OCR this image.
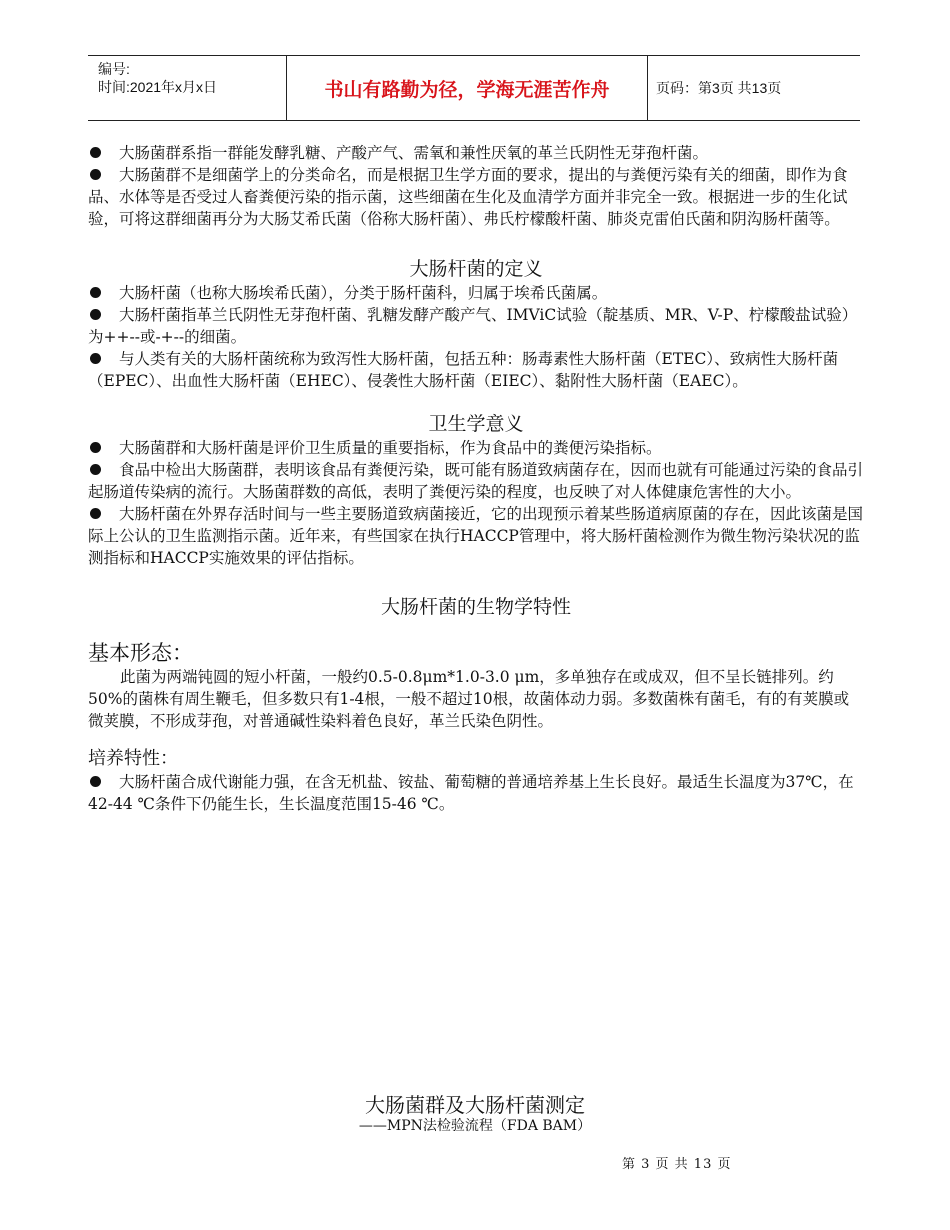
编号:
时间:2021年x月x日	书山有路勤为径，学海无涯苦作舟	页码：第3页 共13页

大肠菌群系指一群能发酵乳糖、产酸产气、需氧和兼性厌氧的革兰氏阴性无芽孢杆菌。

大肠菌群不是细菌学上的分类命名，而是根据卫生学方面的要求，提出的与粪便污染有关的细菌，即作为食品、水体等是否受过人畜粪便污染的指示菌，这些细菌在生化及血清学方面并非完全一致。根据进一步的生化试验，可将这群细菌再分为大肠艾希氏菌（俗称大肠杆菌）、弗氏柠檬酸杆菌、肺炎克雷伯氏菌和阴沟肠杆菌等。

大肠杆菌的定义

大肠杆菌（也称大肠埃希氏菌），分类于肠杆菌科，归属于埃希氏菌属。

大肠杆菌指革兰氏阴性无芽孢杆菌、乳糖发酵产酸产气、IMViC试验（靛基质、MR、V-P、柠檬酸盐试验）为++--或-+--的细菌。

与人类有关的大肠杆菌统称为致泻性大肠杆菌，包括五种：肠毒素性大肠杆菌（ETEC）、致病性大肠杆菌（EPEC）、出血性大肠杆菌（EHEC）、侵袭性大肠杆菌（EIEC）、黏附性大肠杆菌（EAEC）。

卫生学意义

大肠菌群和大肠杆菌是评价卫生质量的重要指标，作为食品中的粪便污染指标。

食品中检出大肠菌群，表明该食品有粪便污染，既可能有肠道致病菌存在，因而也就有可能通过污染的食品引起肠道传染病的流行。大肠菌群数的高低，表明了粪便污染的程度，也反映了对人体健康危害性的大小。

大肠杆菌在外界存活时间与一些主要肠道致病菌接近，它的出现预示着某些肠道病原菌的存在，因此该菌是国际上公认的卫生监测指示菌。近年来，有些国家在执行HACCP管理中，将大肠杆菌检测作为微生物污染状况的监测指标和HACCP实施效果的评估指标。

大肠杆菌的生物学特性

基本形态：

此菌为两端钝圆的短小杆菌，一般约0.5-0.8μm*1.0-3.0 μm，多单独存在或成双，但不呈长链排列。约50%的菌株有周生鞭毛，但多数只有1-4根，一般不超过10根，故菌体动力弱。多数菌株有菌毛，有的有荚膜或微荚膜，不形成芽孢，对普通碱性染料着色良好，革兰氏染色阴性。

培养特性：

大肠杆菌合成代谢能力强，在含无机盐、铵盐、葡萄糖的普通培养基上生长良好。最适生长温度为37℃，在42-44 ℃条件下仍能生长，生长温度范围15-46 ℃。

大肠菌群及大肠杆菌测定
——MPN法检验流程（FDA BAM）
第 3 页 共 13 页
